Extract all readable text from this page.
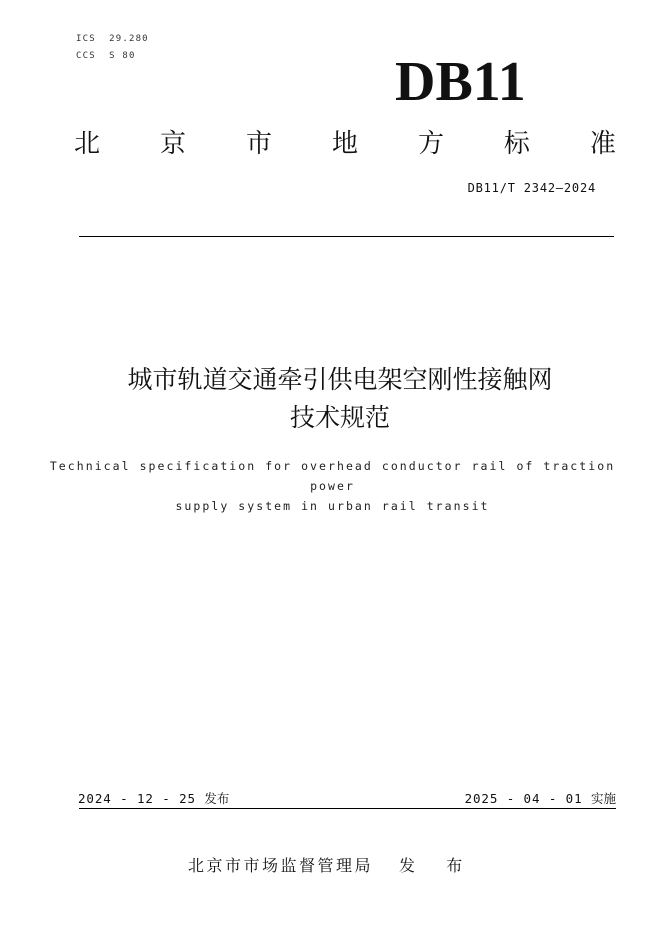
ICS  29.280
CCS  S 80	DB11
北 京 市 地 方 标 准
DB11/T 2342—2024
城市轨道交通牵引供电架空刚性接触网
技术规范
Technical specification for overhead conductor rail of traction power
supply system in urban rail transit
2024 - 12 - 25 发布	2025 - 04 - 01 实施
北京市市场监督管理局 发  布
